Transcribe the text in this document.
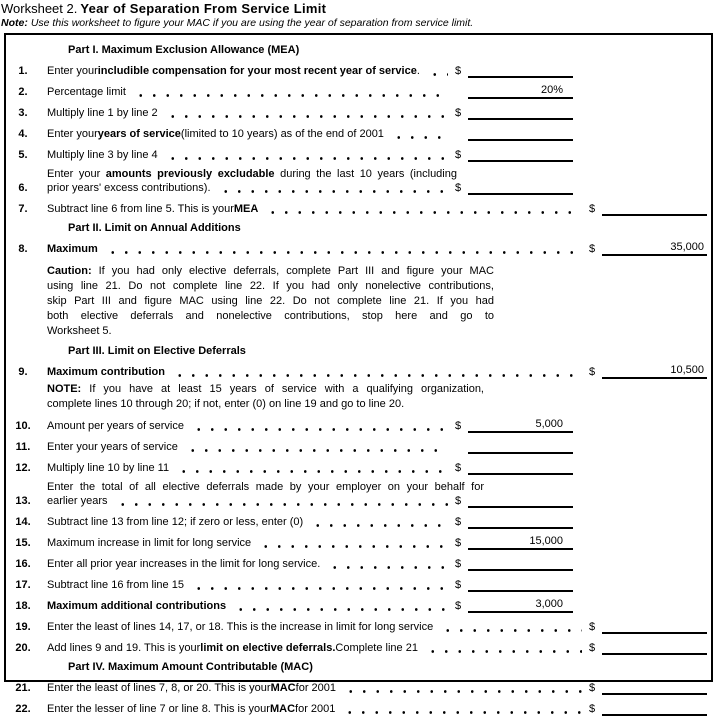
Worksheet 2. Year of Separation From Service Limit
Note: Use this worksheet to figure your MAC if you are using the year of separation from service limit.
Part I. Maximum Exclusion Allowance (MEA)
1.	Enter your includible compensation for your most recent year of service .	$
2.	Percentage limit	20%
3.	Multiply line 1 by line 2	$
4.	Enter your years of service (limited to 10 years) as of the end of 2001
5.	Multiply line 3 by line 4	$
6.
Enter your amounts previously excludable during the last 10 years (including
prior years' excess contributions).	$
7.	Subtract line 6 from line 5. This is your MEA	$
Part II. Limit on Annual Additions
8.	Maximum	$	35,000
Caution: If you had only elective deferrals, complete Part III and figure your MAC
using line 21. Do not complete line 22. If you had only nonelective contributions,
skip Part III and figure MAC using line 22. Do not complete line 21. If you had
both elective deferrals and nonelective contributions, stop here and go to
Worksheet 5.
Part III. Limit on Elective Deferrals
9.	Maximum contribution	$	10,500
NOTE: If you have at least 15 years of service with a qualifying organization,
complete lines 10 through 20; if not, enter (0) on line 19 and go to line 20.
10.	Amount per years of service	$	5,000
11.	Enter your years of service
12.	Multiply line 10 by line 11	$
13.
Enter the total of all elective deferrals made by your employer on your behalf for
earlier years	$
14.	Subtract line 13 from line 12; if zero or less, enter (0)	$
15.	Maximum increase in limit for long service	$	15,000
16.	Enter all prior year increases in the limit for long service.	$
17.	Subtract line 16 from line 15	$
18.	Maximum additional contributions	$	3,000
19.	Enter the least of lines 14, 17, or 18. This is the increase in limit for long service	$
20.	Add lines 9 and 19. This is your limit on elective deferrals. Complete line 21	$
Part IV. Maximum Amount Contributable (MAC)
21.	Enter the least of lines 7, 8, or 20. This is your MAC for 2001	$
22.	Enter the lesser of line 7 or line 8. This is your MAC for 2001	$
